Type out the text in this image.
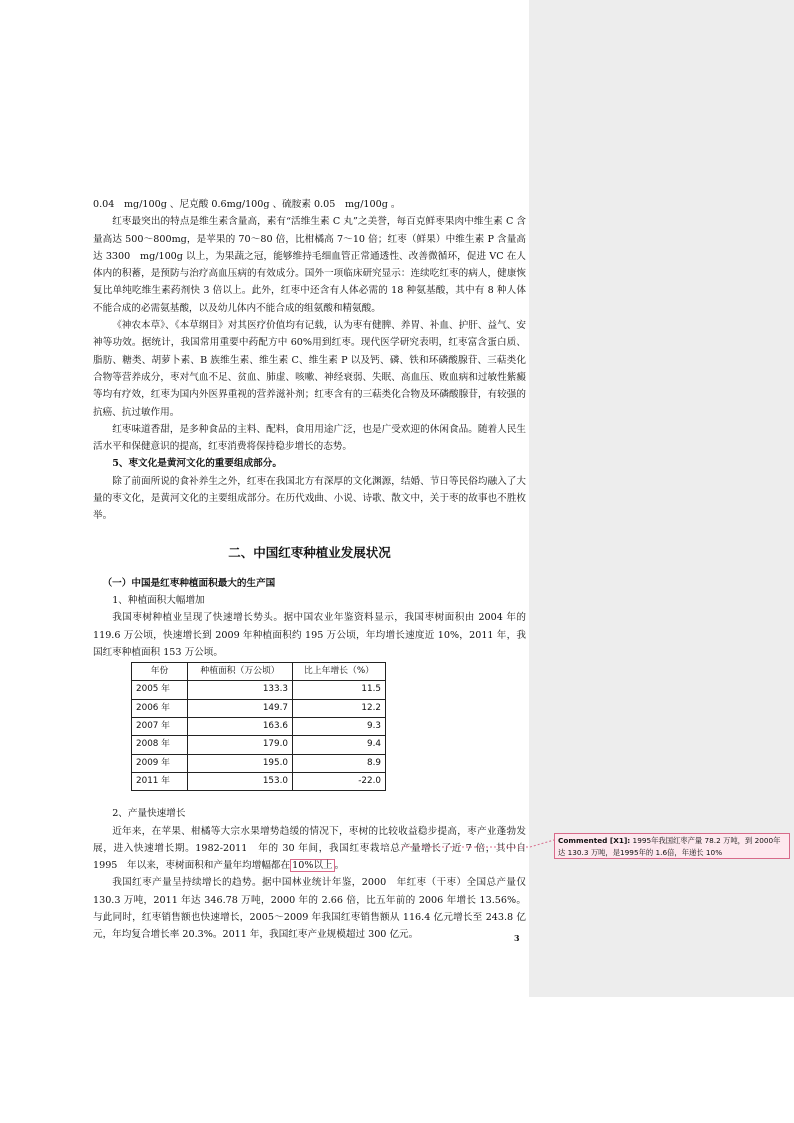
0.04　mg/100g 、尼克酸 0.6mg/100g 、硫胺素 0.05　mg/100g 。

红枣最突出的特点是维生素含量高，素有“活维生素 C 丸”之美誉，每百克鲜枣果肉中维生素 C 含量高达 500～800mg，是苹果的 70～80 倍，比柑橘高 7～10 倍；红枣（鲜果）中维生素 P 含量高达 3300　mg/100g 以上，为果蔬之冠，能够维持毛细血管正常通透性、改善微循环，促进 VC 在人体内的积蓄，是预防与治疗高血压病的有效成分。国外一项临床研究显示：连续吃红枣的病人，健康恢复比单纯吃维生素药剂快 3 倍以上。此外，红枣中还含有人体必需的 18 种氨基酸，其中有 8 种人体不能合成的必需氨基酸，以及幼儿体内不能合成的组氨酸和精氨酸。

《神农本草》、《本草纲目》对其医疗价值均有记载，认为枣有健脾、养胃、补血、护肝、益气、安神等功效。据统计，我国常用重要中药配方中 60%用到红枣。现代医学研究表明，红枣富含蛋白质、脂肪、糖类、胡萝卜素、B 族维生素、维生素 C、维生素 P 以及钙、磷、铁和环磷酸腺苷、三萜类化合物等营养成分，枣对气血不足、贫血、肺虚、咳嗽、神经衰弱、失眠、高血压、败血病和过敏性紫癜等均有疗效，红枣为国内外医界重视的营养滋补剂；红枣含有的三萜类化合物及环磷酸腺苷，有较强的抗癌、抗过敏作用。

红枣味道香甜，是多种食品的主料、配料，食用用途广泛，也是广受欢迎的休闲食品。随着人民生活水平和保健意识的提高，红枣消费将保持稳步增长的态势。

5、枣文化是黄河文化的重要组成部分。

除了前面所说的食补养生之外，红枣在我国北方有深厚的文化渊源，结婚、节日等民俗均融入了大量的枣文化，是黄河文化的主要组成部分。在历代戏曲、小说、诗歌、散文中，关于枣的故事也不胜枚举。

二、中国红枣种植业发展状况
（一）中国是红枣种植面积最大的生产国

1、种植面积大幅增加

我国枣树种植业呈现了快速增长势头。据中国农业年鉴资料显示，我国枣树面积由 2004 年的 119.6 万公顷，快速增长到 2009 年种植面积约 195 万公顷，年均增长速度近 10%，2011 年，我国红枣种植面积 153 万公顷。

年份	种植面积（万公顷）	比上年增长（%）
2005 年	133.3	11.5
2006 年	149.7	12.2
2007 年	163.6	9.3
2008 年	179.0	9.4
2009 年	195.0	8.9
2011 年	153.0	-22.0

2、产量快速增长

近年来，在苹果、柑橘等大宗水果增势趋缓的情况下，枣树的比较收益稳步提高，枣产业蓬勃发展，进入快速增长期。1982-2011　年的 30 年间，我国红枣栽培总产量增长了近 7 倍，其中自 1995　年以来，枣树面积和产量年均增幅都在 10%以上 。

我国红枣产量呈持续增长的趋势。据中国林业统计年鉴，2000　年红枣（干枣）全国总产量仅 130.3 万吨，2011 年达 346.78 万吨，2000 年的 2.66 倍，比五年前的 2006 年增长 13.56%。与此同时，红枣销售额也快速增长，2005～2009 年我国红枣销售额从 116.4 亿元增长至 243.8 亿元，年均复合增长率 20.3%。2011 年，我国红枣产业规模超过 300 亿元。	3
Commented [X1]: 1995年我国红枣产量 78.2 万吨，到 2000年达 130.3 万吨，是1995年的 1.6倍，年递长 10%
